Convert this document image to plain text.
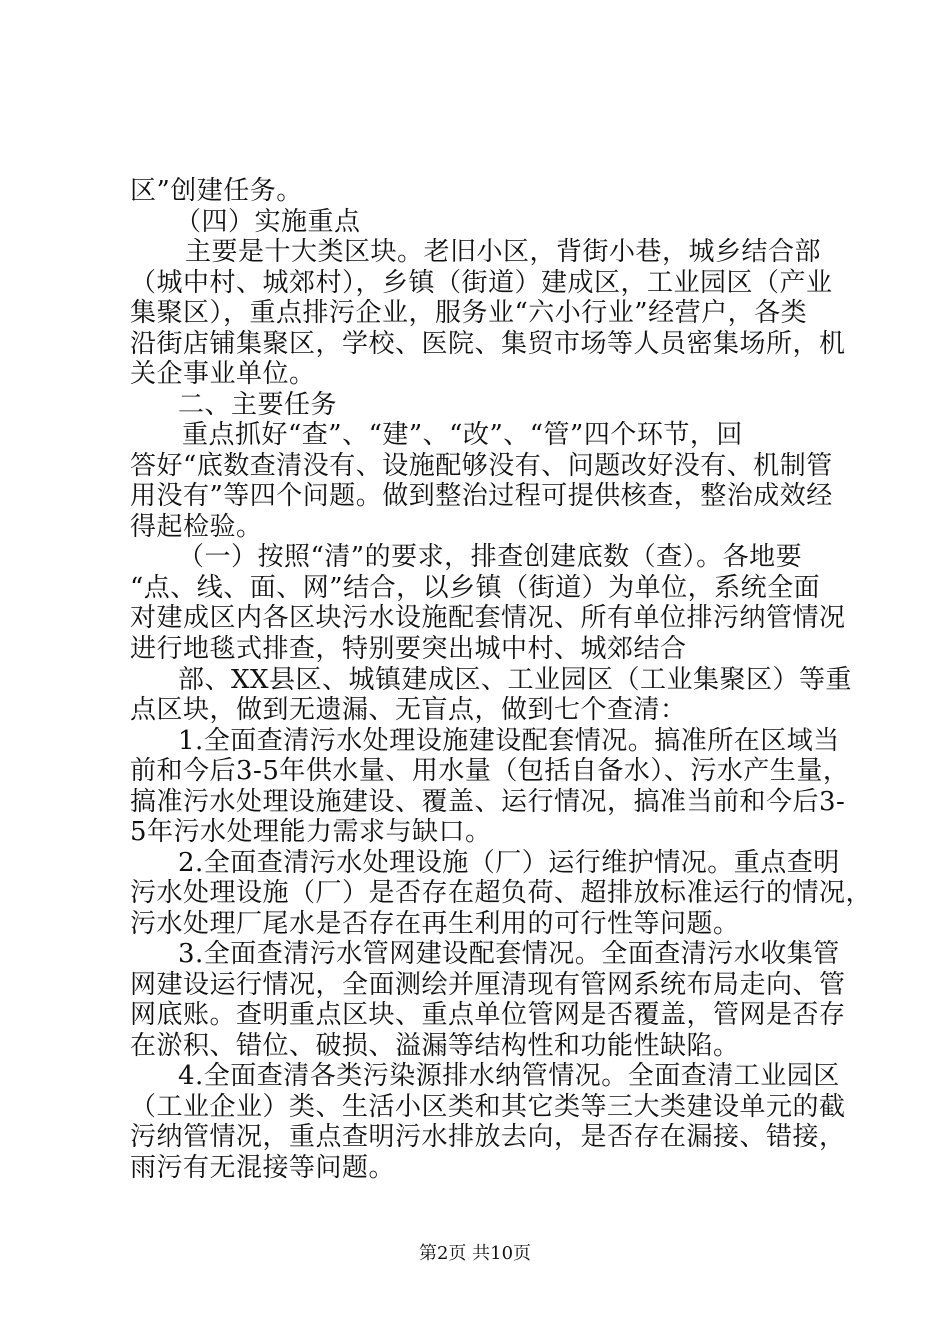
区”创建任务。
（四）实施重点
主要是十大类区块。老旧小区，背街小巷，城乡结合部
（城中村、城郊村），乡镇（街道）建成区，工业园区（产业
集聚区），重点排污企业，服务业“六小行业”经营户，各类
沿街店铺集聚区，学校、医院、集贸市场等人员密集场所，机
关企事业单位。
二、主要任务
重点抓好“查”、“建”、“改”、“管”四个环节，回
答好“底数查清没有、设施配够没有、问题改好没有、机制管
用没有”等四个问题。做到整治过程可提供核查，整治成效经
得起检验。
（一）按照“清”的要求，排查创建底数（查）。各地要
“点、线、面、网”结合，以乡镇（街道）为单位，系统全面
对建成区内各区块污水设施配套情况、所有单位排污纳管情况
进行地毯式排查，特别要突出城中村、城郊结合
部、XX县区、城镇建成区、工业园区（工业集聚区）等重
点区块，做到无遗漏、无盲点，做到七个查清：
1.全面查清污水处理设施建设配套情况。搞准所在区域当
前和今后3-5年供水量、用水量（包括自备水）、污水产生量，
搞准污水处理设施建设、覆盖、运行情况，搞准当前和今后3-
5年污水处理能力需求与缺口。
2.全面查清污水处理设施（厂）运行维护情况。重点查明
污水处理设施（厂）是否存在超负荷、超排放标准运行的情况，
污水处理厂尾水是否存在再生利用的可行性等问题。
3.全面查清污水管网建设配套情况。全面查清污水收集管
网建设运行情况，全面测绘并厘清现有管网系统布局走向、管
网底账。查明重点区块、重点单位管网是否覆盖，管网是否存
在淤积、错位、破损、溢漏等结构性和功能性缺陷。
4.全面查清各类污染源排水纳管情况。全面查清工业园区
（工业企业）类、生活小区类和其它类等三大类建设单元的截
污纳管情况，重点查明污水排放去向，是否存在漏接、错接，
雨污有无混接等问题。
第2页 共10页
